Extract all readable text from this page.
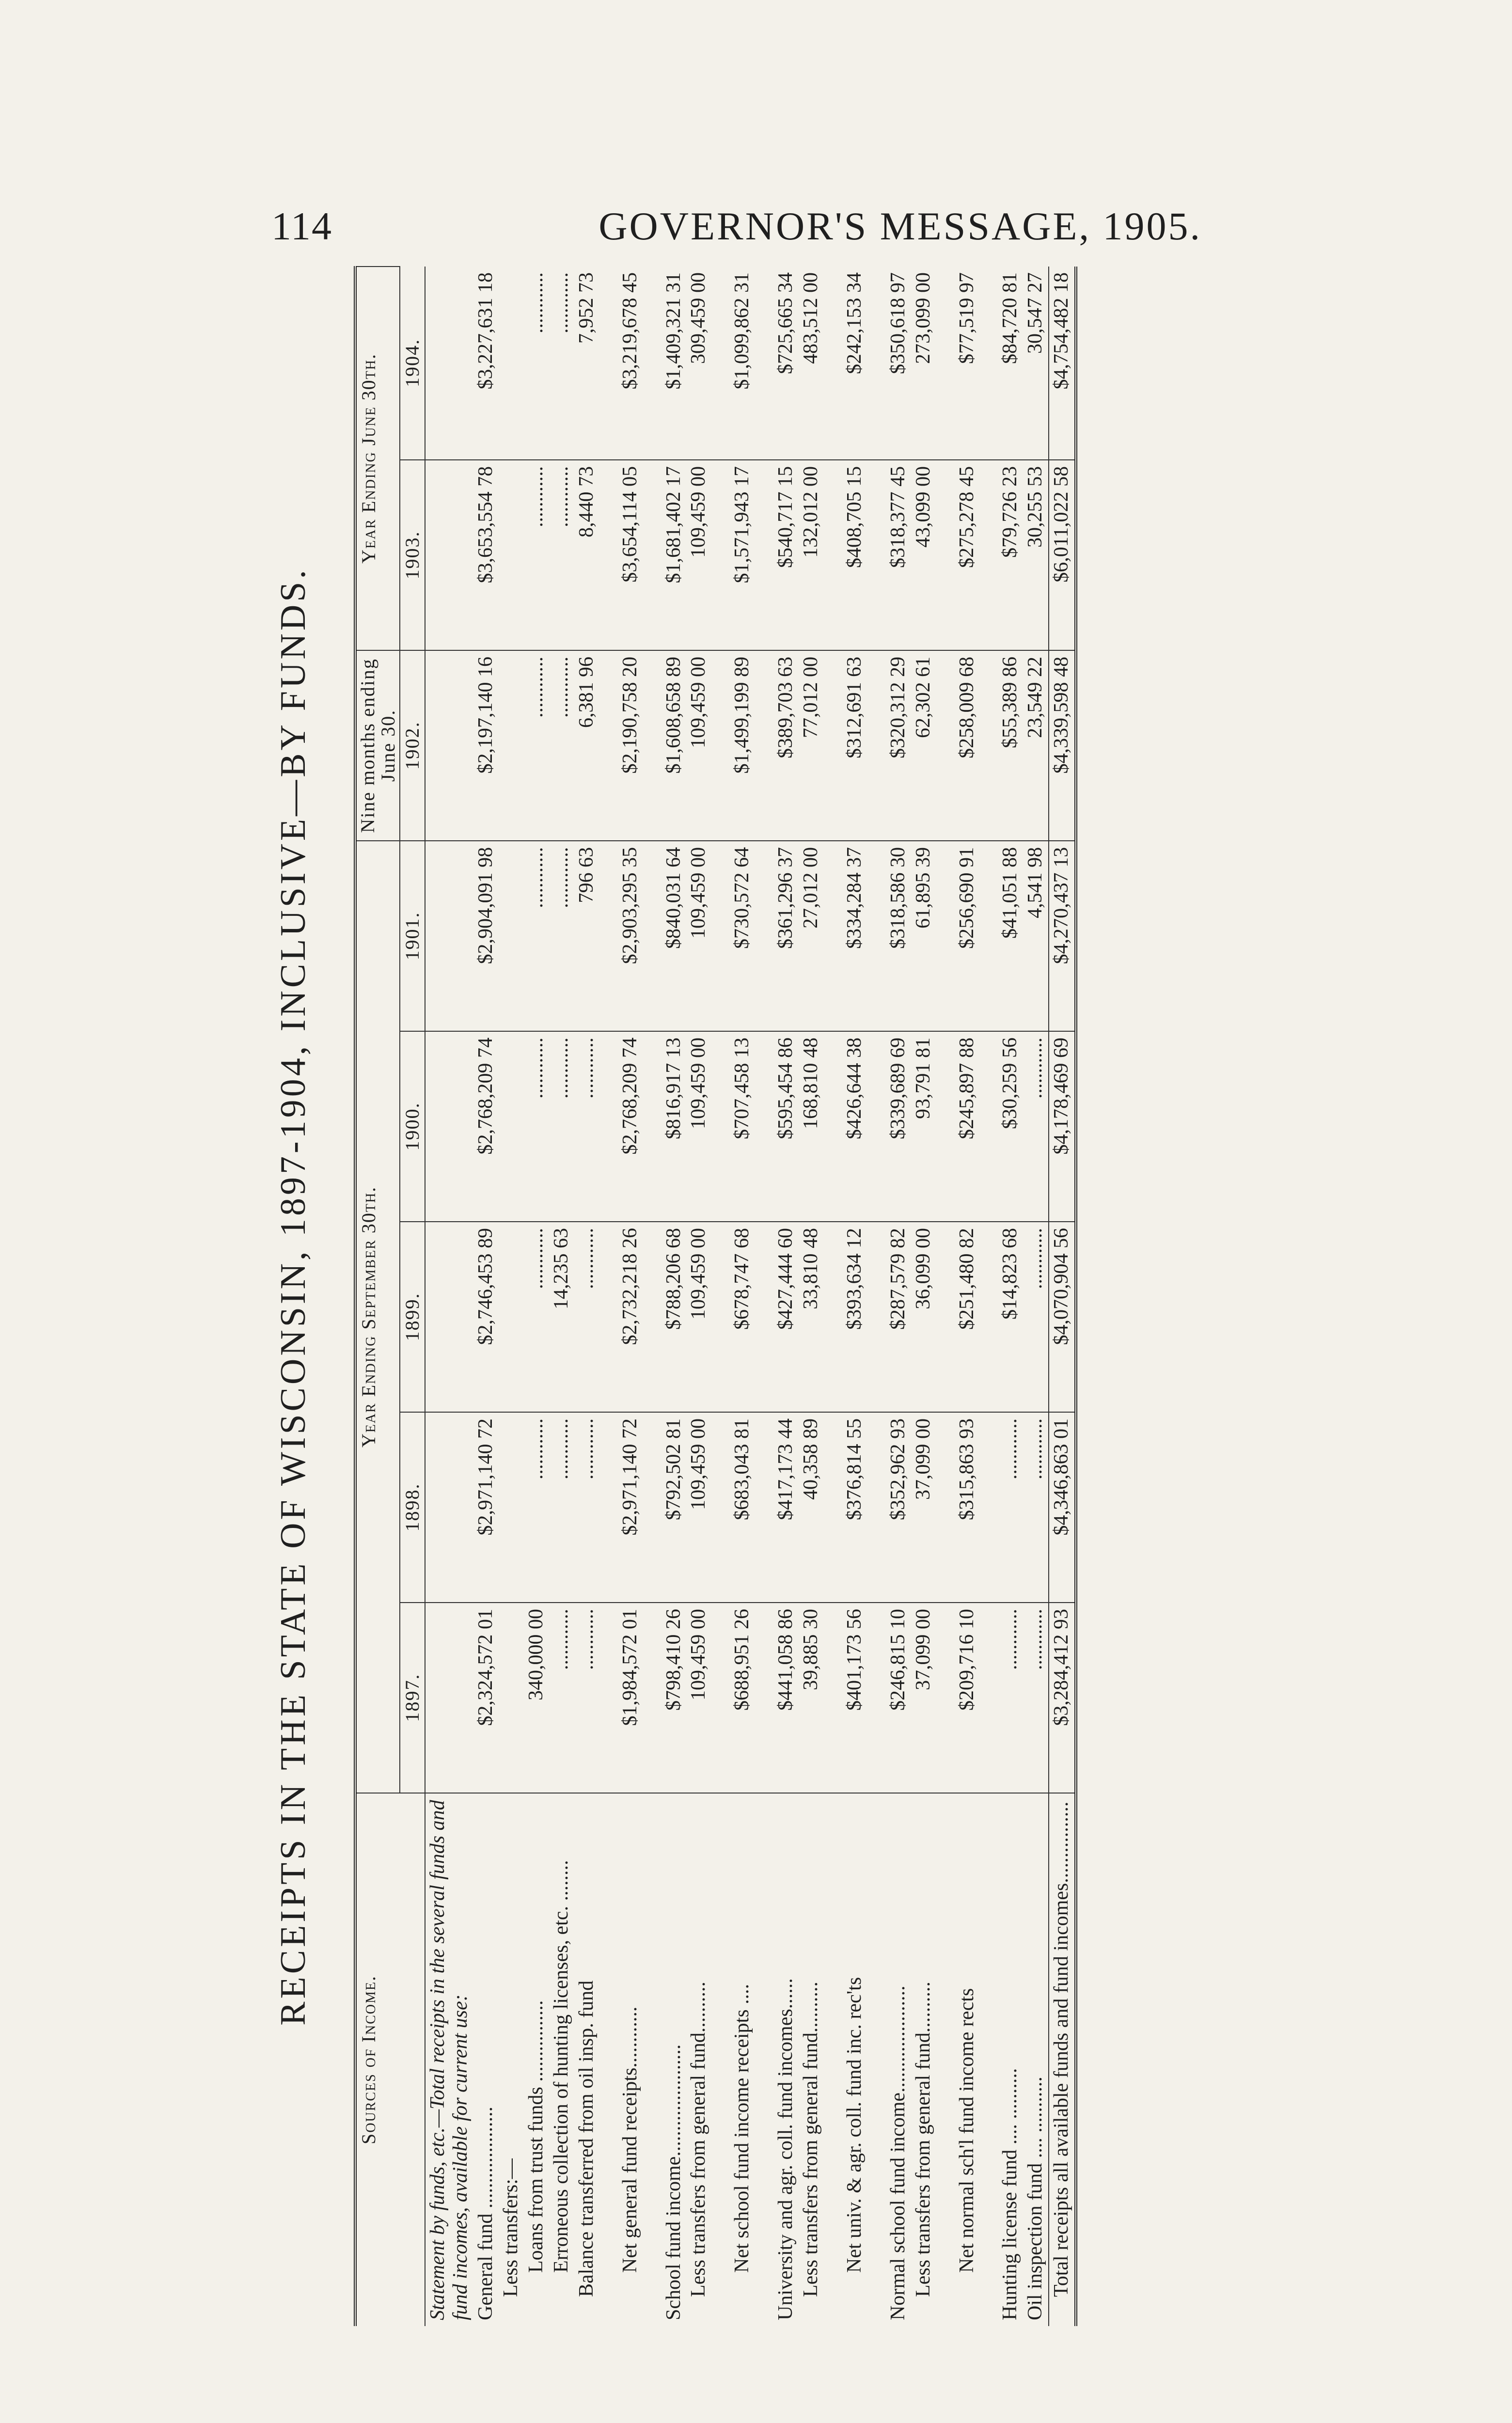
114	GOVERNOR'S MESSAGE, 1905.
RECEIPTS IN THE STATE OF WISCONSIN, 1897-1904, INCLUSIVE—BY FUNDS.
Sources of Income.	Year Ending September 30th.					Nine months ending June 30.	Year Ending June 30th.	
	1897.	1898.	1899.	1900.	1901.	1902.	1903.	1904.
Statement by funds, etc.—Total receipts in the several funds and fund incomes, available for current use:								
General fund ....................	$2,324,572 01	$2,971,140 72	$2,746,453 89	$2,768,209 74	$2,904,091 98	$2,197,140 16	$3,653,554 78	$3,227,631 18
Less transfers:—								
Loans from trust funds ................	340,000 00	............	............	............	............	............	............	............
Erroneous collection of hunting licenses, etc. ........	............	............	14,235 63	............	............	............	............	............
Balance transferred from oil insp. fund	............	............	............	............	796 63	6,381 96	8,440 73	7,952 73

Net general fund receipts............	$1,984,572 01	$2,971,140 72	$2,732,218 26	$2,768,209 74	$2,903,295 35	$2,190,758 20	$3,654,114 05	$3,219,678 45

School fund income......................	$798,410 26	$792,502 81	$788,206 68	$816,917 13	$840,031 64	$1,608,658 89	$1,681,402 17	$1,409,321 31
Less transfers from general fund..........	109,459 00	109,459 00	109,459 00	109,459 00	109,459 00	109,459 00	109,459 00	309,459 00

Net school fund income receipts ....	$688,951 26	$683,043 81	$678,747 68	$707,458 13	$730,572 64	$1,499,199 89	$1,571,943 17	$1,099,862 31

University and agr. coll. fund incomes......	$441,058 86	$417,173 44	$427,444 60	$595,454 86	$361,296 37	$389,703 63	$540,717 15	$725,665 34
Less transfers from general fund..........	39,885 30	40,358 89	33,810 48	168,810 48	27,012 00	77,012 00	132,012 00	483,512 00

Net univ. & agr. coll. fund inc. rec'ts	$401,173 56	$376,814 55	$393,634 12	$426,644 38	$334,284 37	$312,691 63	$408,705 15	$242,153 34

Normal school fund income.....................	$246,815 10	$352,962 93	$287,579 82	$339,689 69	$318,586 30	$320,312 29	$318,377 45	$350,618 97
Less transfers from general fund..........	37,099 00	37,099 00	36,099 00	93,791 81	61,895 39	62,302 61	43,099 00	273,099 00

Net normal sch'l fund income rects	$209,716 10	$315,863 93	$251,480 82	$245,897 88	$256,690 91	$258,009 68	$275,278 45	$77,519 97

Hunting license fund .... ..........	............	............	$14,823 68	$30,259 56	$41,051 88	$55,389 86	$79,726 23	$84,720 81
Oil inspection fund .... ...........	............	............	............	............	4,541 98	23,549 22	30,255 53	30,547 27
Total receipts all available funds and fund incomes................	$3,284,412 93	$4,346,863 01	$4,070,904 56	$4,178,469 69	$4,270,437 13	$4,339,598 48	$6,011,022 58	$4,754,482 18
